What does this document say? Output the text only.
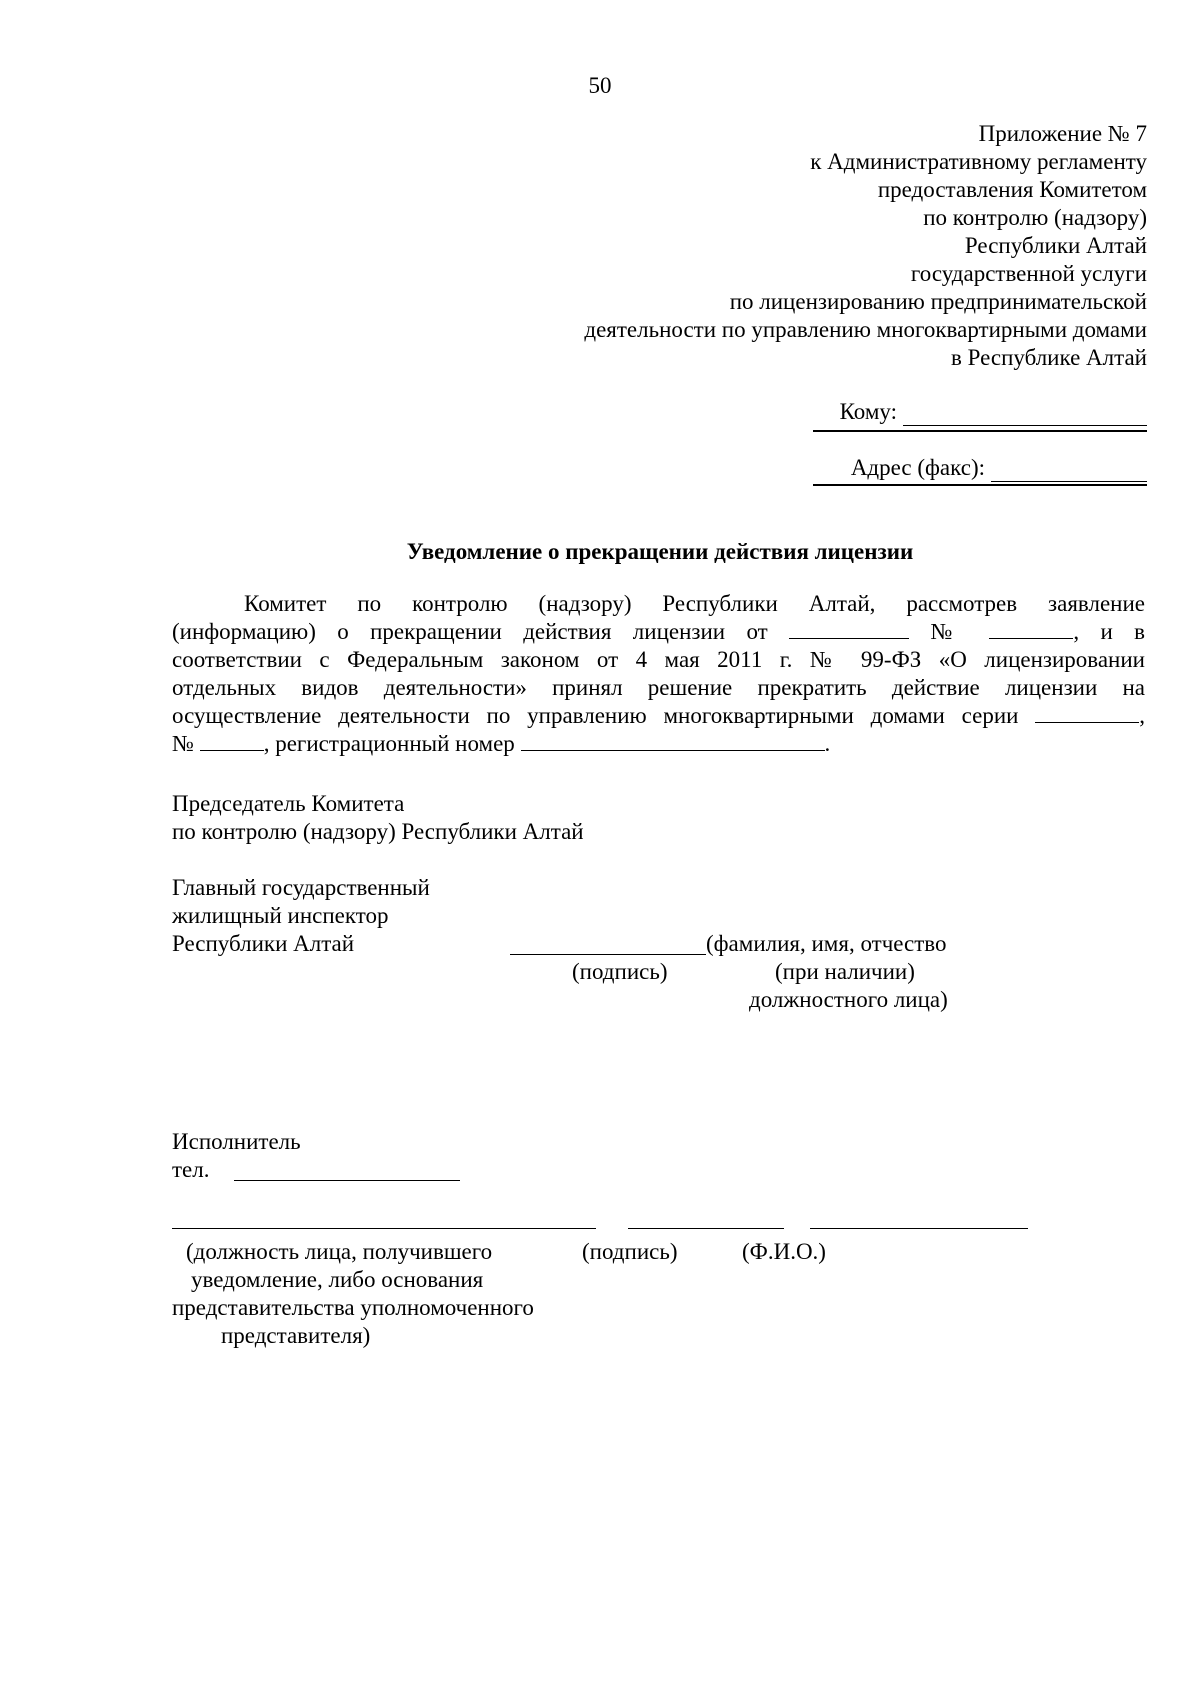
50
Приложение № 7
к Административному регламенту
предоставления Комитетом
по контролю (надзору)
Республики Алтай
государственной услуги
по лицензированию предпринимательской
деятельности по управлению многоквартирными домами
в Республике Алтай
Кому:
Адрес (факс):
Уведомление о прекращении действия лицензии
Комитет по контролю (надзору) Республики Алтай, рассмотрев заявление
(информацию) о прекращении действия лицензии от	№	, и в
соответствии с Федеральным законом от 4 мая 2011 г. № 99-ФЗ «О лицензировании
отдельных видов деятельности» принял решение прекратить действие лицензии на
осуществление деятельности по управлению многоквартирными домами серии	,
№	, регистрационный номер	.
Председатель Комитета
по контролю (надзору) Республики Алтай
Главный государственный
жилищный инспектор
Республики Алтай	(фамилия, имя, отчество
(подпись)	(при наличии)
должностного лица)
Исполнитель
тел.
(должность лица, получившего
уведомление, либо основания
представительства уполномоченного
представителя)
(подпись)	(Ф.И.О.)
